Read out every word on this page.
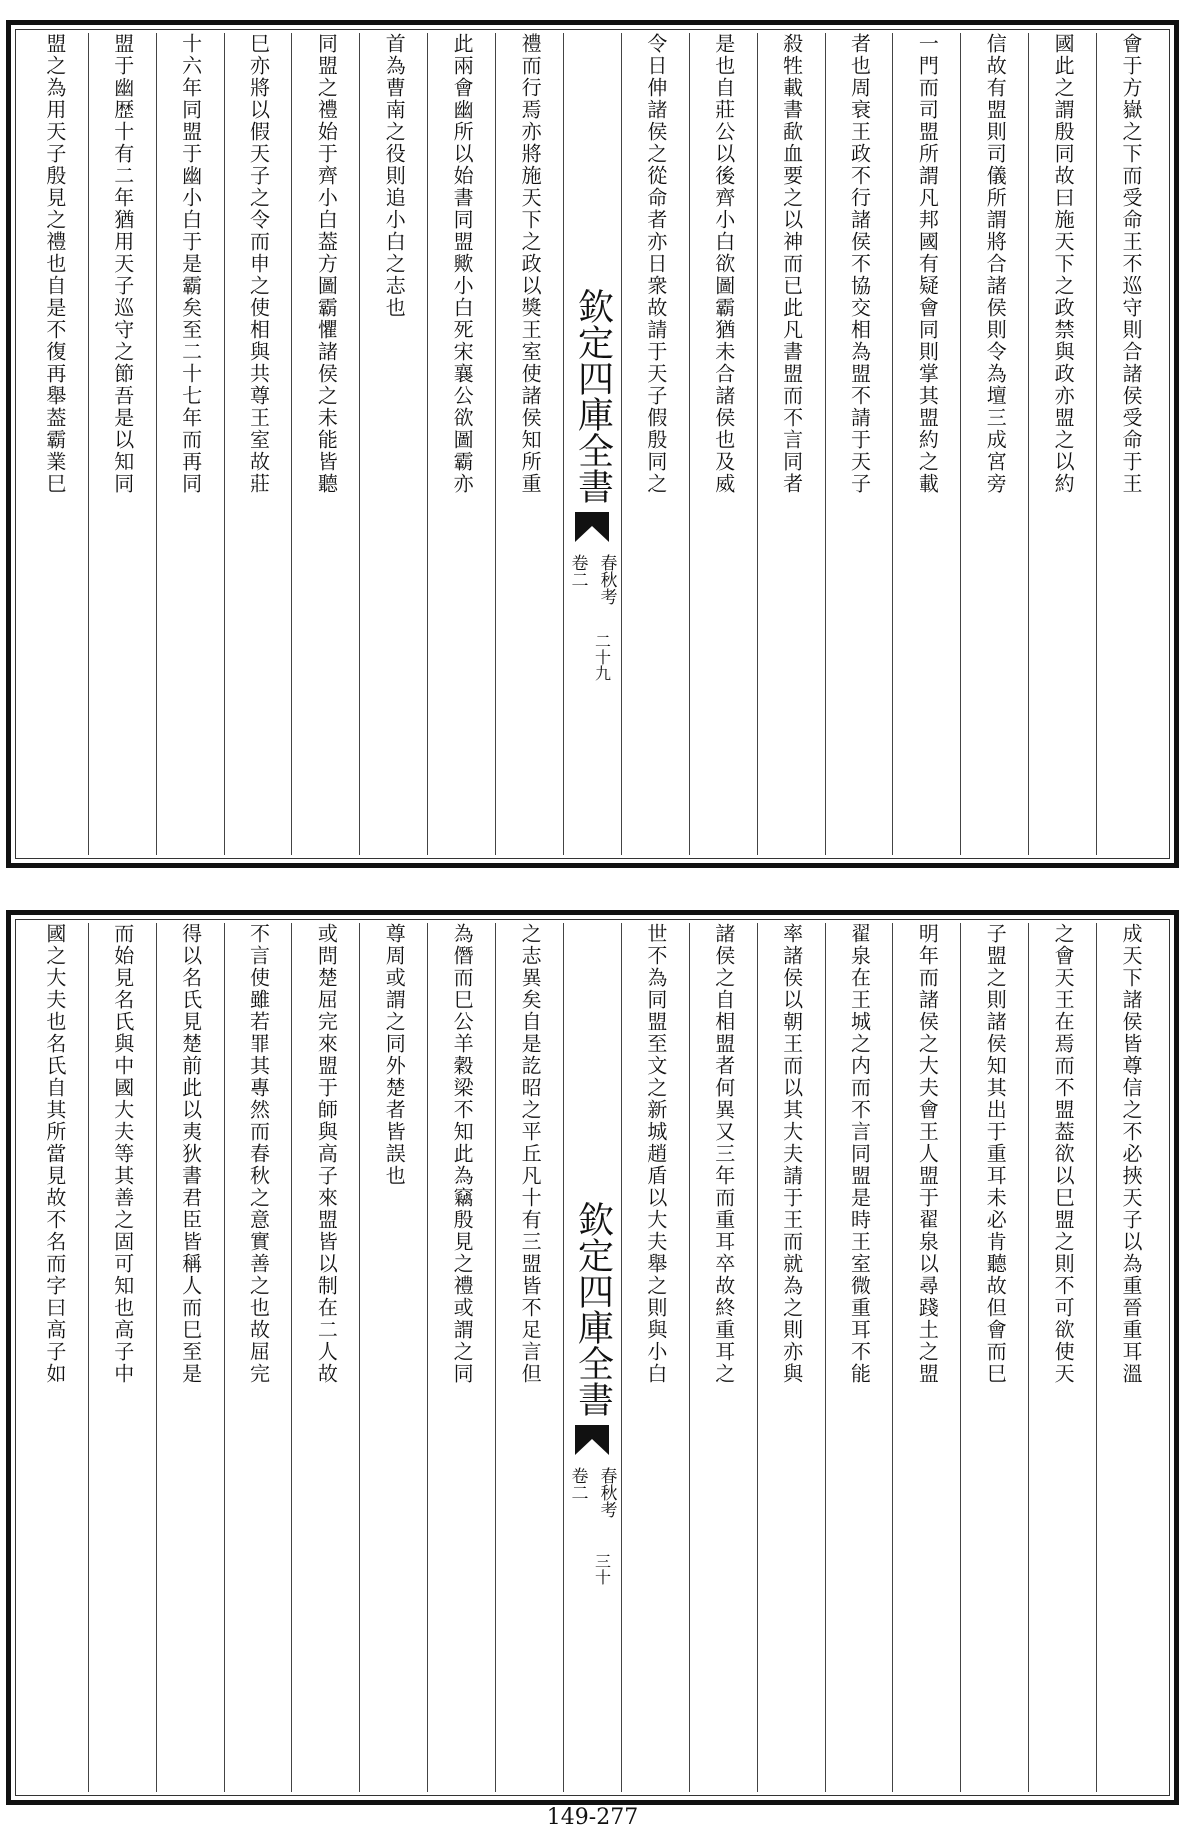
會于方嶽之下而受命王不巡守則合諸侯受命于王
國此之謂殷同故曰施天下之政禁與政亦盟之以約
信故有盟則司儀所謂將合諸侯則令為壇三成宮旁
一門而司盟所謂凡邦國有疑會同則掌其盟約之載
者也周衰王政不行諸侯不協交相為盟不請于天子
殺牲載書歃血要之以神而已此凡書盟而不言同者
是也自莊公以後齊小白欲圖霸猶未合諸侯也及威
令日伸諸侯之從命者亦日衆故請于天子假殷同之
欽定四庫全書
春秋考
卷二
二十九
禮而行焉亦將施天下之政以獎王室使諸侯知所重
此兩會幽所以始書同盟歟小白死宋襄公欲圖霸亦
首為曹南之役則追小白之志也
同盟之禮始于齊小白葢方圖霸懼諸侯之未能皆聽
巳亦將以假天子之令而申之使相與共尊王室故莊
十六年同盟于幽小白于是霸矣至二十七年而再同
盟于幽歴十有二年猶用天子巡守之節吾是以知同
盟之為用天子殷見之禮也自是不復再舉葢霸業巳
成天下諸侯皆尊信之不必挾天子以為重晉重耳溫
之會天王在焉而不盟葢欲以巳盟之則不可欲使天
子盟之則諸侯知其出于重耳未必肯聽故但會而巳
明年而諸侯之大夫會王人盟于翟泉以尋踐土之盟
翟泉在王城之内而不言同盟是時王室微重耳不能
率諸侯以朝王而以其大夫請于王而就為之則亦與
諸侯之自相盟者何異又三年而重耳卒故終重耳之
世不為同盟至文之新城趙盾以大夫舉之則與小白
欽定四庫全書
春秋考
卷二
三十
之志異矣自是訖昭之平丘凡十有三盟皆不足言但
為僭而巳公羊穀梁不知此為竊殷見之禮或謂之同
尊周或謂之同外楚者皆誤也
或問楚屈完來盟于師與高子來盟皆以制在二人故
不言使雖若罪其專然而春秋之意實善之也故屈完
得以名氏見楚前此以夷狄書君臣皆稱人而巳至是
而始見名氏與中國大夫等其善之固可知也高子中
國之大夫也名氏自其所當見故不名而字曰高子如
149-277
